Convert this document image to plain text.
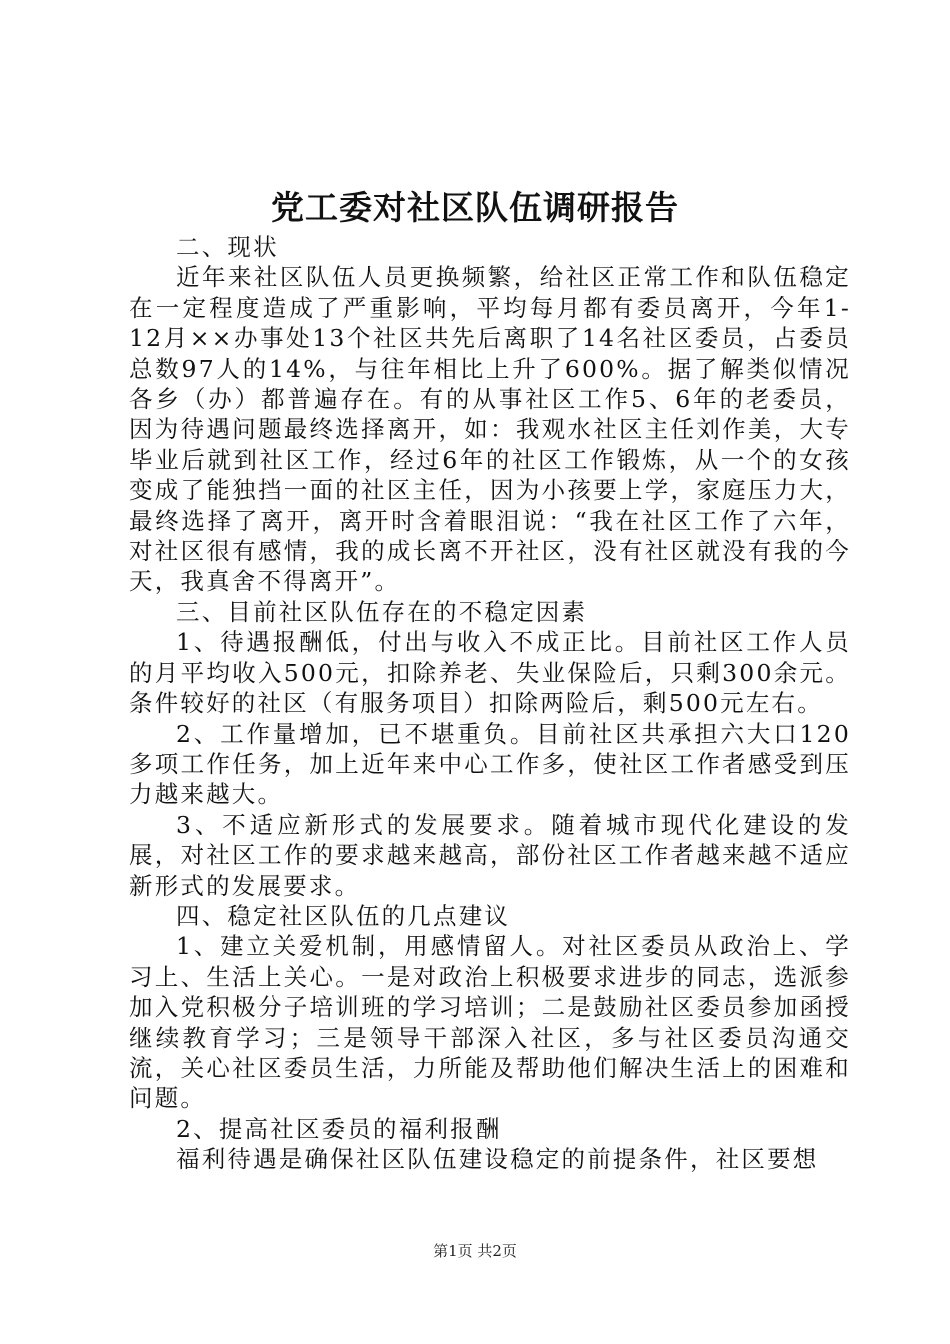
党工委对社区队伍调研报告

二、现状

近年来社区队伍人员更换频繁，给社区正常工作和队伍稳定在一定程度造成了严重影响，平均每月都有委员离开，今年1-12月××办事处13个社区共先后离职了14名社区委员，占委员总数97人的14%，与往年相比上升了600%。据了解类似情况各乡（办）都普遍存在。有的从事社区工作5、6年的老委员，因为待遇问题最终选择离开，如：我观水社区主任刘作美，大专毕业后就到社区工作，经过6年的社区工作锻炼，从一个的女孩变成了能独挡一面的社区主任，因为小孩要上学，家庭压力大，最终选择了离开，离开时含着眼泪说：“我在社区工作了六年，对社区很有感情，我的成长离不开社区，没有社区就没有我的今天，我真舍不得离开”。

三、目前社区队伍存在的不稳定因素

1、待遇报酬低，付出与收入不成正比。目前社区工作人员的月平均收入500元，扣除养老、失业保险后，只剩300余元。条件较好的社区（有服务项目）扣除两险后，剩500元左右。

2、工作量增加，已不堪重负。目前社区共承担六大口120多项工作任务，加上近年来中心工作多，使社区工作者感受到压力越来越大。

3、不适应新形式的发展要求。随着城市现代化建设的发展，对社区工作的要求越来越高，部份社区工作者越来越不适应新形式的发展要求。

四、稳定社区队伍的几点建议

1、建立关爱机制，用感情留人。对社区委员从政治上、学习上、生活上关心。一是对政治上积极要求进步的同志，选派参加入党积极分子培训班的学习培训；二是鼓励社区委员参加函授继续教育学习；三是领导干部深入社区，多与社区委员沟通交流，关心社区委员生活，力所能及帮助他们解决生活上的困难和问题。

2、提高社区委员的福利报酬

福利待遇是确保社区队伍建设稳定的前提条件，社区要想

第1页 共2页
